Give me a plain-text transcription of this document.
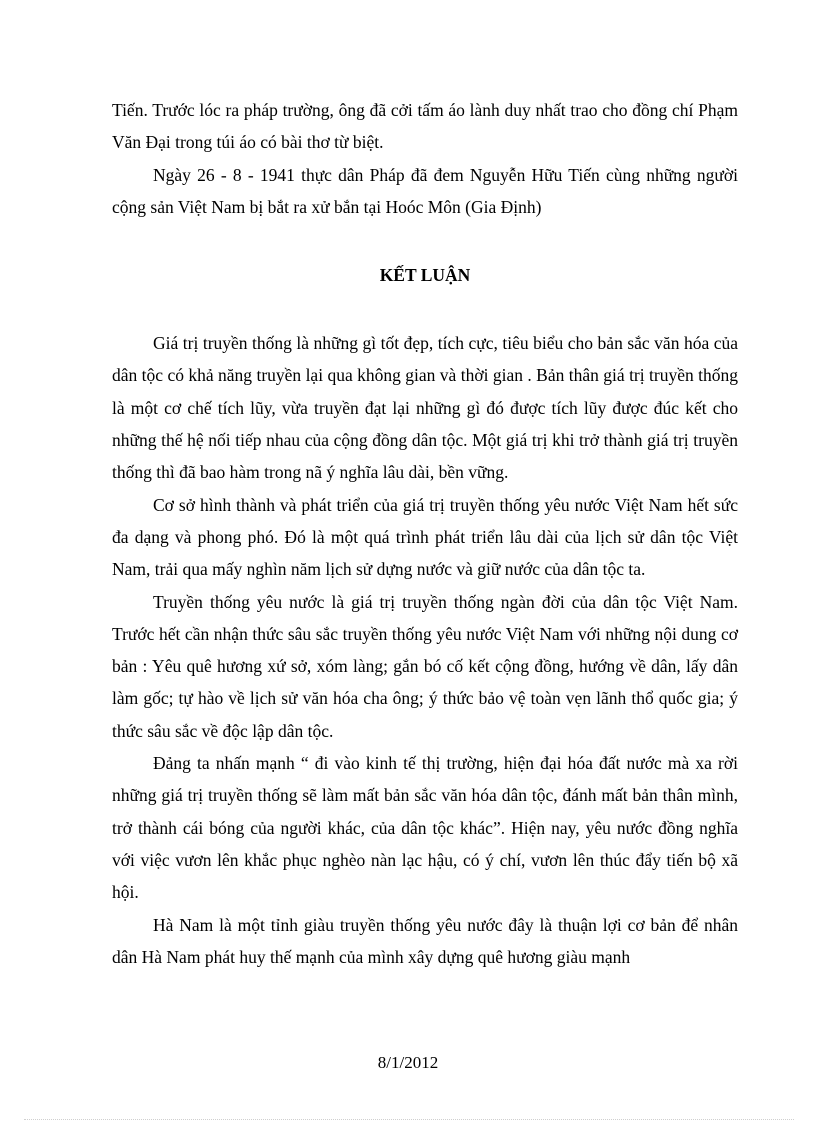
Tiến. Trước lóc ra pháp trường, ông đã cởi tấm áo lành duy nhất trao cho đồng chí Phạm Văn Đại trong túi áo có bài thơ từ biệt.

Ngày 26 - 8 - 1941 thực dân Pháp đã đem Nguyễn Hữu Tiến cùng những người cộng sản Việt Nam bị bắt ra xử bắn tại Hoóc Môn (Gia Định)

KẾT LUẬN

Giá trị truyền thống là những gì tốt đẹp, tích cực, tiêu biểu cho bản sắc văn hóa của dân tộc có khả năng truyền lại qua không gian và thời gian . Bản thân giá trị truyền thống là một cơ chế tích lũy, vừa truyền đạt lại những gì đó được tích lũy được đúc kết cho những thế hệ nối tiếp nhau của cộng đồng dân tộc. Một giá trị khi trở thành giá trị truyền thống thì đã bao hàm trong nã ý nghĩa lâu dài, bền vững.

Cơ sở hình thành và phát triển của giá trị truyền thống yêu nước Việt Nam hết sức đa dạng và phong phó. Đó là một quá trình phát triển lâu dài của lịch sử dân tộc Việt Nam, trải qua mấy nghìn năm lịch sử dựng nước và giữ nước của dân tộc ta.

Truyền thống yêu nước là giá trị truyền thống ngàn đời của dân tộc Việt Nam. Trước hết cần nhận thức sâu sắc truyền thống yêu nước Việt Nam với những nội dung cơ bản : Yêu quê hương xứ sở, xóm làng; gắn bó cố kết cộng đồng, hướng về dân, lấy dân làm gốc; tự hào về lịch sử văn hóa cha ông; ý thức bảo vệ toàn vẹn lãnh thổ quốc gia; ý thức sâu sắc về độc lập dân tộc.

Đảng ta nhấn mạnh “ đi vào kinh tế thị trường, hiện đại hóa đất nước mà xa rời những giá trị truyền thống sẽ làm mất bản sắc văn hóa dân tộc, đánh mất bản thân mình, trở thành cái bóng của người khác, của dân tộc khác”. Hiện nay, yêu nước đồng nghĩa với việc vươn lên khắc phục nghèo nàn lạc hậu, có ý chí, vươn lên thúc đẩy tiến bộ xã hội.

Hà Nam là một tỉnh giàu truyền thống yêu nước đây là thuận lợi cơ bản để nhân dân Hà Nam phát huy thế mạnh của mình xây dựng quê hương giàu mạnh

8/1/2012
